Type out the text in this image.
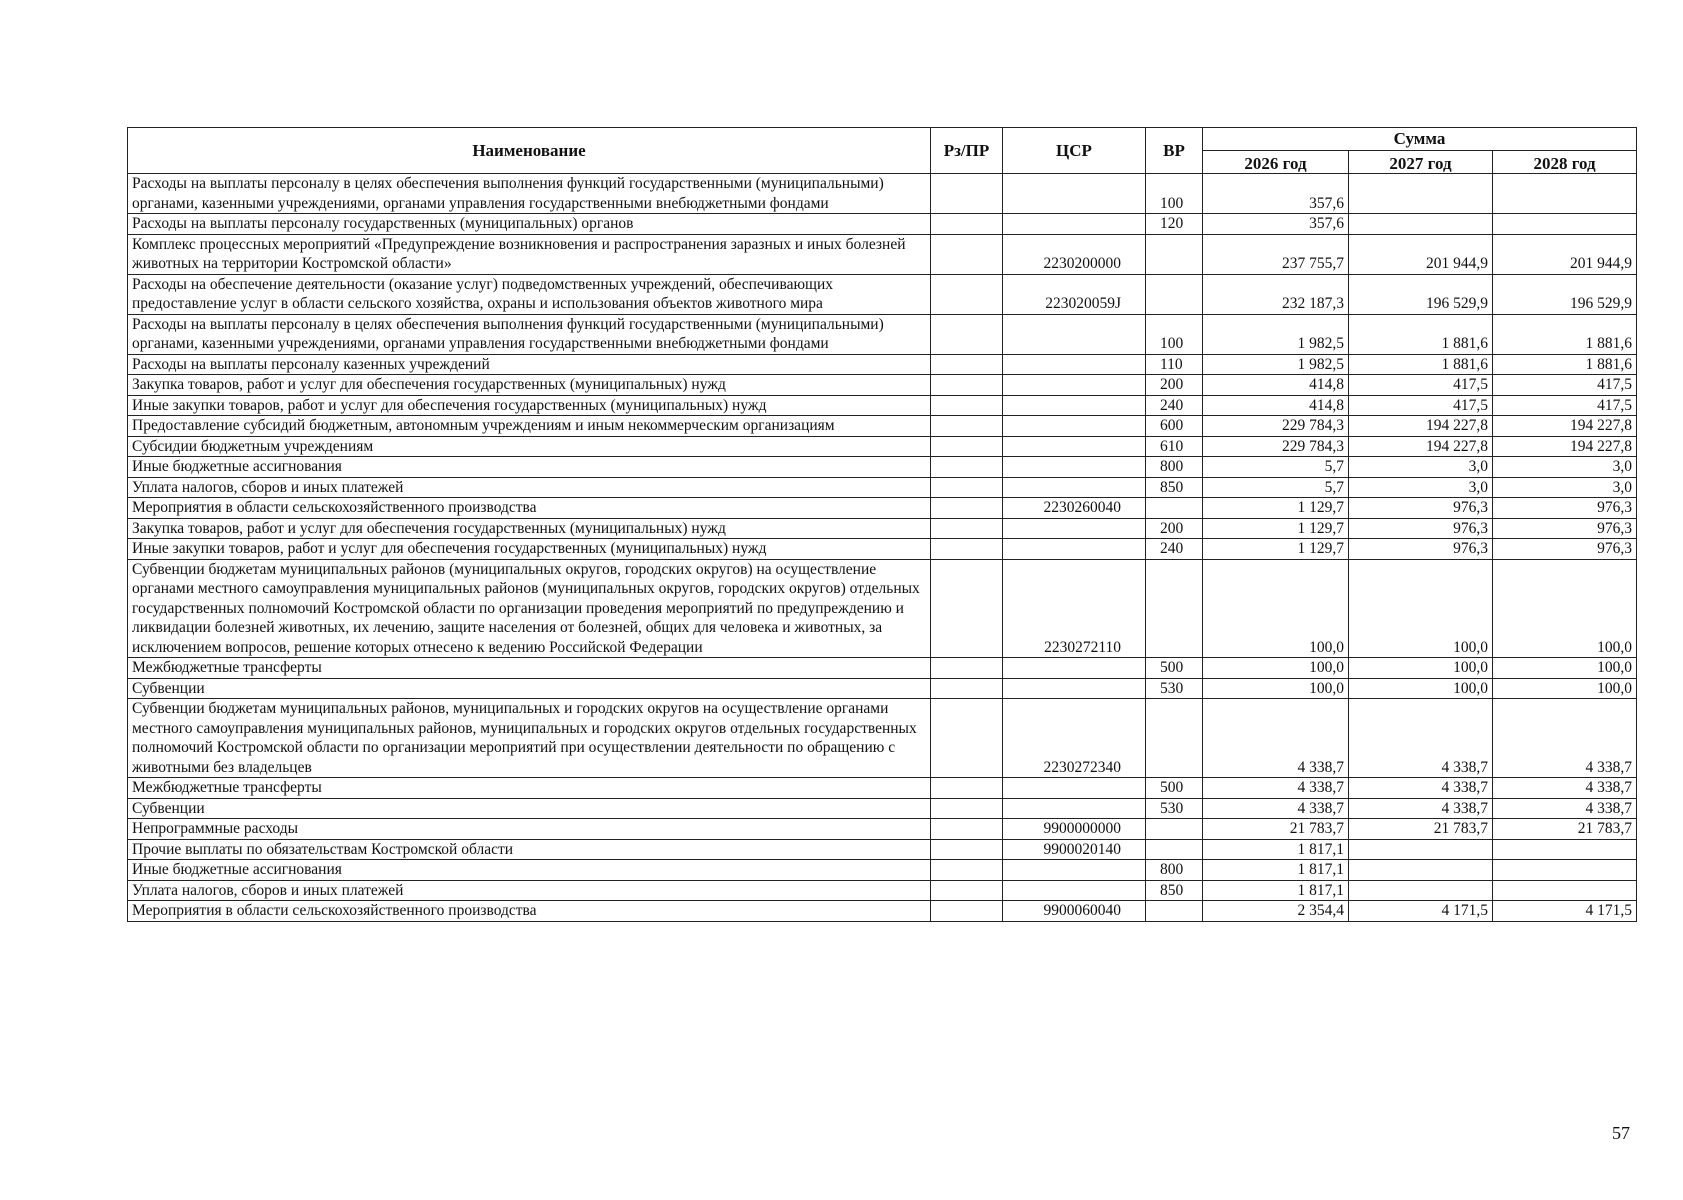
Наименование	Рз/ПР	ЦСР	ВР	Сумма		
				2026 год	2027 год	2028 год
Расходы на выплаты персоналу в целях обеспечения выполнения функций государственными (муниципальными) органами, казенными учреждениями, органами управления государственными внебюджетными фондами			100	357,6		
Расходы на выплаты персоналу государственных (муниципальных) органов			120	357,6		
Комплекс процессных мероприятий «Предупреждение возникновения и распространения заразных и иных болезней животных на территории Костромской области»		2230200000		237 755,7	201 944,9	201 944,9
Расходы на обеспечение деятельности (оказание услуг) подведомственных учреждений, обеспечивающих предоставление услуг в области сельского хозяйства, охраны и использования объектов животного мира		223020059J		232 187,3	196 529,9	196 529,9
Расходы на выплаты персоналу в целях обеспечения выполнения функций государственными (муниципальными) органами, казенными учреждениями, органами управления государственными внебюджетными фондами			100	1 982,5	1 881,6	1 881,6
Расходы на выплаты персоналу казенных учреждений			110	1 982,5	1 881,6	1 881,6
Закупка товаров, работ и услуг для обеспечения государственных (муниципальных) нужд			200	414,8	417,5	417,5
Иные закупки товаров, работ и услуг для обеспечения государственных (муниципальных) нужд			240	414,8	417,5	417,5
Предоставление субсидий бюджетным, автономным учреждениям и иным некоммерческим организациям			600	229 784,3	194 227,8	194 227,8
Субсидии бюджетным учреждениям			610	229 784,3	194 227,8	194 227,8
Иные бюджетные ассигнования			800	5,7	3,0	3,0
Уплата налогов, сборов и иных платежей			850	5,7	3,0	3,0
Мероприятия в области сельскохозяйственного производства		2230260040		1 129,7	976,3	976,3
Закупка товаров, работ и услуг для обеспечения государственных (муниципальных) нужд			200	1 129,7	976,3	976,3
Иные закупки товаров, работ и услуг для обеспечения государственных (муниципальных) нужд			240	1 129,7	976,3	976,3
Субвенции бюджетам муниципальных районов (муниципальных округов, городских округов) на осуществление органами местного самоуправления муниципальных районов (муниципальных округов, городских округов) отдельных государственных полномочий Костромской области по организации проведения мероприятий по предупреждению и ликвидации болезней животных, их лечению, защите населения от болезней, общих для человека и животных, за исключением вопросов, решение которых отнесено к ведению Российской Федерации		2230272110		100,0	100,0	100,0
Межбюджетные трансферты			500	100,0	100,0	100,0
Субвенции			530	100,0	100,0	100,0
Субвенции бюджетам муниципальных районов, муниципальных и городских округов на осуществление органами местного самоуправления муниципальных районов, муниципальных и городских округов отдельных государственных полномочий Костромской области по организации мероприятий при осуществлении деятельности по обращению с животными без владельцев		2230272340		4 338,7	4 338,7	4 338,7
Межбюджетные трансферты			500	4 338,7	4 338,7	4 338,7
Субвенции			530	4 338,7	4 338,7	4 338,7
Непрограммные расходы		9900000000		21 783,7	21 783,7	21 783,7
Прочие выплаты по обязательствам Костромской области		9900020140		1 817,1		
Иные бюджетные ассигнования			800	1 817,1		
Уплата налогов, сборов и иных платежей			850	1 817,1		
Мероприятия в области сельскохозяйственного производства		9900060040		2 354,4	4 171,5	4 171,5
57
